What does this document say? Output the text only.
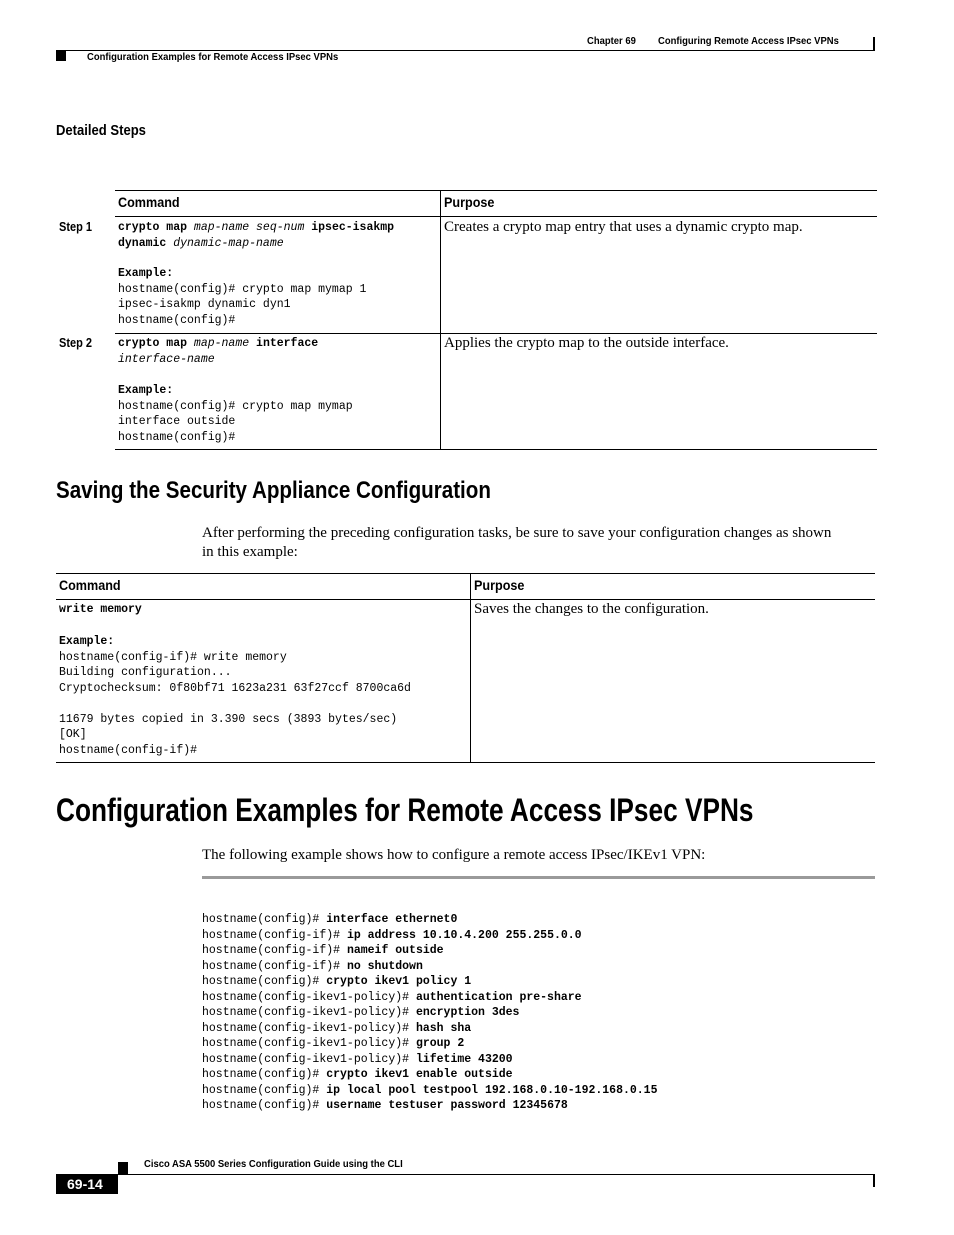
Chapter 69 Configuring Remote Access IPsec VPNs
Configuration Examples for Remote Access IPsec VPNs
Detailed Steps
Command	Purpose
Step 1 crypto map map-name seq-num ipsec-isakmp
dynamic dynamic-map-name
Example:
hostname(config)# crypto map mymap 1
ipsec-isakmp dynamic dyn1
hostname(config)#
Creates a crypto map entry that uses a dynamic crypto map.
Step 2 crypto map map-name interface
interface-name
Example:
hostname(config)# crypto map mymap
interface outside
hostname(config)#
Applies the crypto map to the outside interface.
Saving the Security Appliance Configuration
After performing the preceding configuration tasks, be sure to save your configuration changes as shown
in this example:
Command	Purpose
write memory
Example:
hostname(config-if)# write memory
Building configuration...
Cryptochecksum: 0f80bf71 1623a231 63f27ccf 8700ca6d
11679 bytes copied in 3.390 secs (3893 bytes/sec)
[OK]
hostname(config-if)#
Saves the changes to the configuration.
Configuration Examples for Remote Access IPsec VPNs
The following example shows how to configure a remote access IPsec/IKEv1 VPN:
hostname(config)# interface ethernet0
hostname(config-if)# ip address 10.10.4.200 255.255.0.0
hostname(config-if)# nameif outside
hostname(config-if)# no shutdown
hostname(config)# crypto ikev1 policy 1
hostname(config-ikev1-policy)# authentication pre-share
hostname(config-ikev1-policy)# encryption 3des
hostname(config-ikev1-policy)# hash sha
hostname(config-ikev1-policy)# group 2
hostname(config-ikev1-policy)# lifetime 43200
hostname(config)# crypto ikev1 enable outside
hostname(config)# ip local pool testpool 192.168.0.10-192.168.0.15
hostname(config)# username testuser password 12345678
Cisco ASA 5500 Series Configuration Guide using the CLI
69-14
